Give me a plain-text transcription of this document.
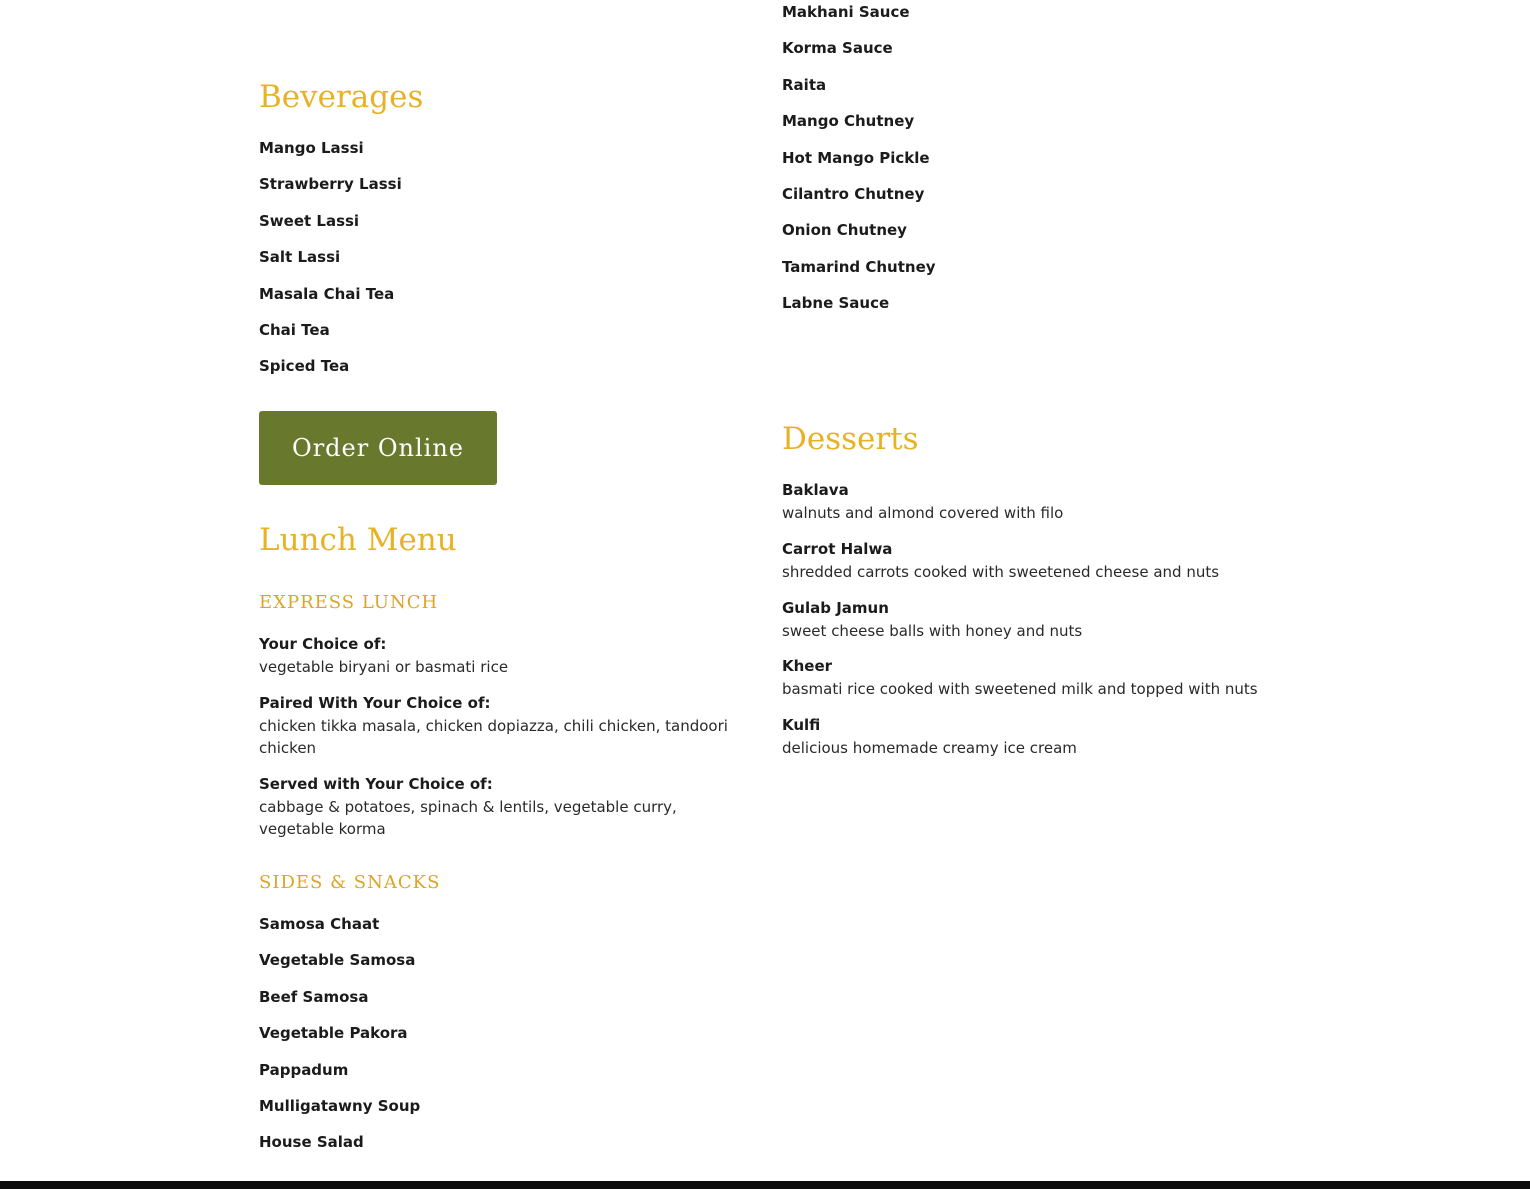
Beverages
Mango Lassi
Strawberry Lassi
Sweet Lassi
Salt Lassi
Masala Chai Tea
Chai Tea
Spiced Tea
Order Online
Lunch Menu
EXPRESS LUNCH
Your Choice of:
vegetable biryani or basmati rice
Paired With Your Choice of:
chicken tikka masala, chicken dopiazza, chili chicken, tandoori chicken
Served with Your Choice of:
cabbage & potatoes, spinach & lentils, vegetable curry, vegetable korma
SIDES & SNACKS
Samosa Chaat
Vegetable Samosa
Beef Samosa
Vegetable Pakora
Pappadum
Mulligatawny Soup
House Salad
Makhani Sauce
Korma Sauce
Raita
Mango Chutney
Hot Mango Pickle
Cilantro Chutney
Onion Chutney
Tamarind Chutney
Labne Sauce
Desserts
Baklava
walnuts and almond covered with filo
Carrot Halwa
shredded carrots cooked with sweetened cheese and nuts
Gulab Jamun
sweet cheese balls with honey and nuts
Kheer
basmati rice cooked with sweetened milk and topped with nuts
Kulfi
delicious homemade creamy ice cream
